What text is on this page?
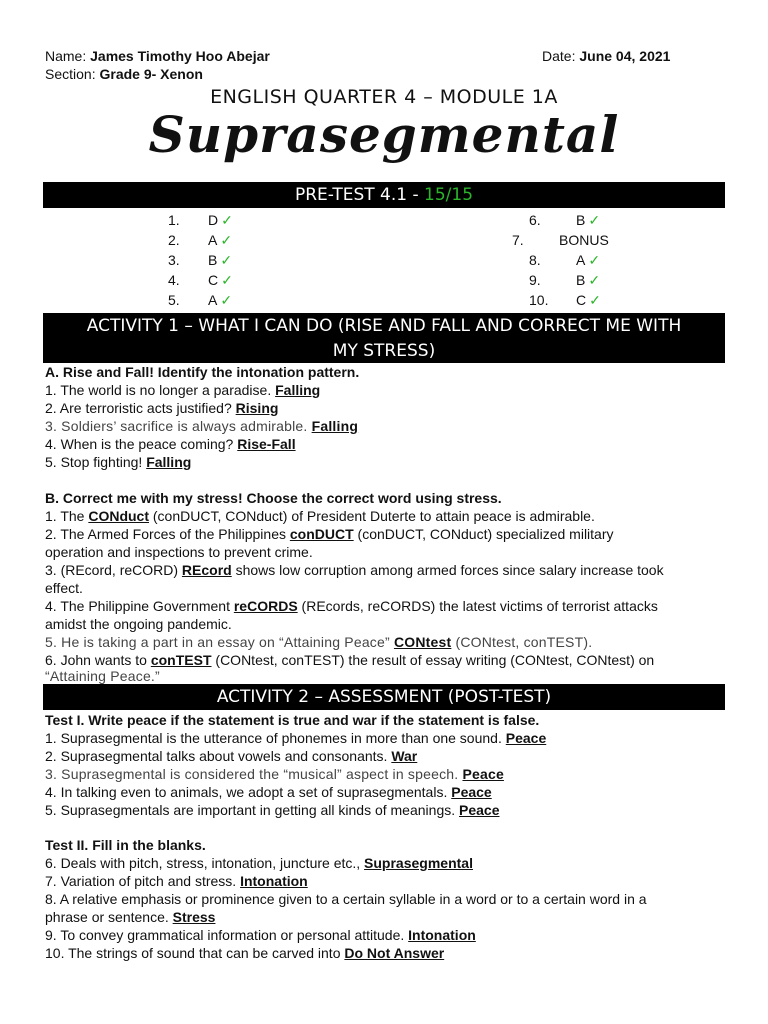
Name: James Timothy Hoo Abejar
Section: Grade 9- Xenon
Date: June 04, 2021
ENGLISH QUARTER 4 – MODULE 1A
Suprasegmental
PRE-TEST 4.1 - 15/15
1. D ✓
2. A ✓
3. B ✓
4. C ✓
5. A ✓
6.	B ✓
7.	BONUS
8.	A ✓
9.	B ✓
10. C ✓
ACTIVITY 1 – WHAT I CAN DO (RISE AND FALL AND CORRECT ME WITH
MY STRESS)
A. Rise and Fall! Identify the intonation pattern.
1. The world is no longer a paradise. Falling
2. Are terroristic acts justified? Rising
3. Soldiers’ sacrifice is always admirable. Falling
4. When is the peace coming? Rise-Fall
5. Stop fighting! Falling
B. Correct me with my stress! Choose the correct word using stress.
1. The CONduct (conDUCT, CONduct) of President Duterte to attain peace is admirable.
2. The Armed Forces of the Philippines conDUCT (conDUCT, CONduct) specialized military
operation and inspections to prevent crime.
3. (REcord, reCORD) REcord shows low corruption among armed forces since salary increase took
effect.
4. The Philippine Government reCORDS (REcords, reCORDS) the latest victims of terrorist attacks
amidst the ongoing pandemic.
5. He is taking a part in an essay on “Attaining Peace” CONtest (CONtest, conTEST).
6. John wants to conTEST (CONtest, conTEST) the result of essay writing (CONtest, CONtest) on
“Attaining Peace.”
ACTIVITY 2 – ASSESSMENT (POST-TEST)
Test I. Write peace if the statement is true and war if the statement is false.
1. Suprasegmental is the utterance of phonemes in more than one sound. Peace
2. Suprasegmental talks about vowels and consonants. War
3. Suprasegmental is considered the “musical” aspect in speech. Peace
4. In talking even to animals, we adopt a set of suprasegmentals. Peace
5. Suprasegmentals are important in getting all kinds of meanings. Peace
Test II. Fill in the blanks.
6. Deals with pitch, stress, intonation, juncture etc., Suprasegmental
7. Variation of pitch and stress. Intonation
8. A relative emphasis or prominence given to a certain syllable in a word or to a certain word in a
phrase or sentence. Stress
9. To convey grammatical information or personal attitude. Intonation
10. The strings of sound that can be carved into Do Not Answer
